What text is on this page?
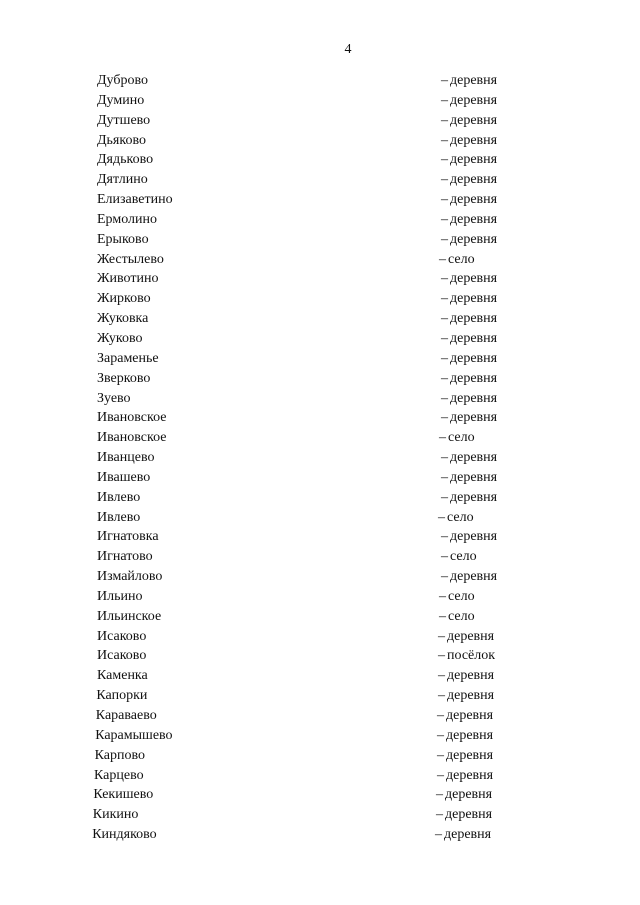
4
Дуброво	– деревня
Думино	– деревня
Дутшево	– деревня
Дьяково	– деревня
Дядьково	– деревня
Дятлино	– деревня
Елизаветино	– деревня
Ермолино	– деревня
Ерыково	– деревня
Жестылево	– село
Животино	– деревня
Жирково	– деревня
Жуковка	– деревня
Жуково	– деревня
Зараменье	– деревня
Зверково	– деревня
Зуево	– деревня
Ивановское	– деревня
Ивановское	– село
Иванцево	– деревня
Ивашево	– деревня
Ивлево	– деревня
Ивлево	– село
Игнатовка	– деревня
Игнатово	– село
Измайлово	– деревня
Ильино	– село
Ильинское	– село
Исаково	– деревня
Исаково	– посёлок
Каменка	– деревня
Капорки	– деревня
Караваево	– деревня
Карамышево	– деревня
Карпово	– деревня
Карцево	– деревня
Кекишево	– деревня
Кикино	– деревня
Киндяково	– деревня
